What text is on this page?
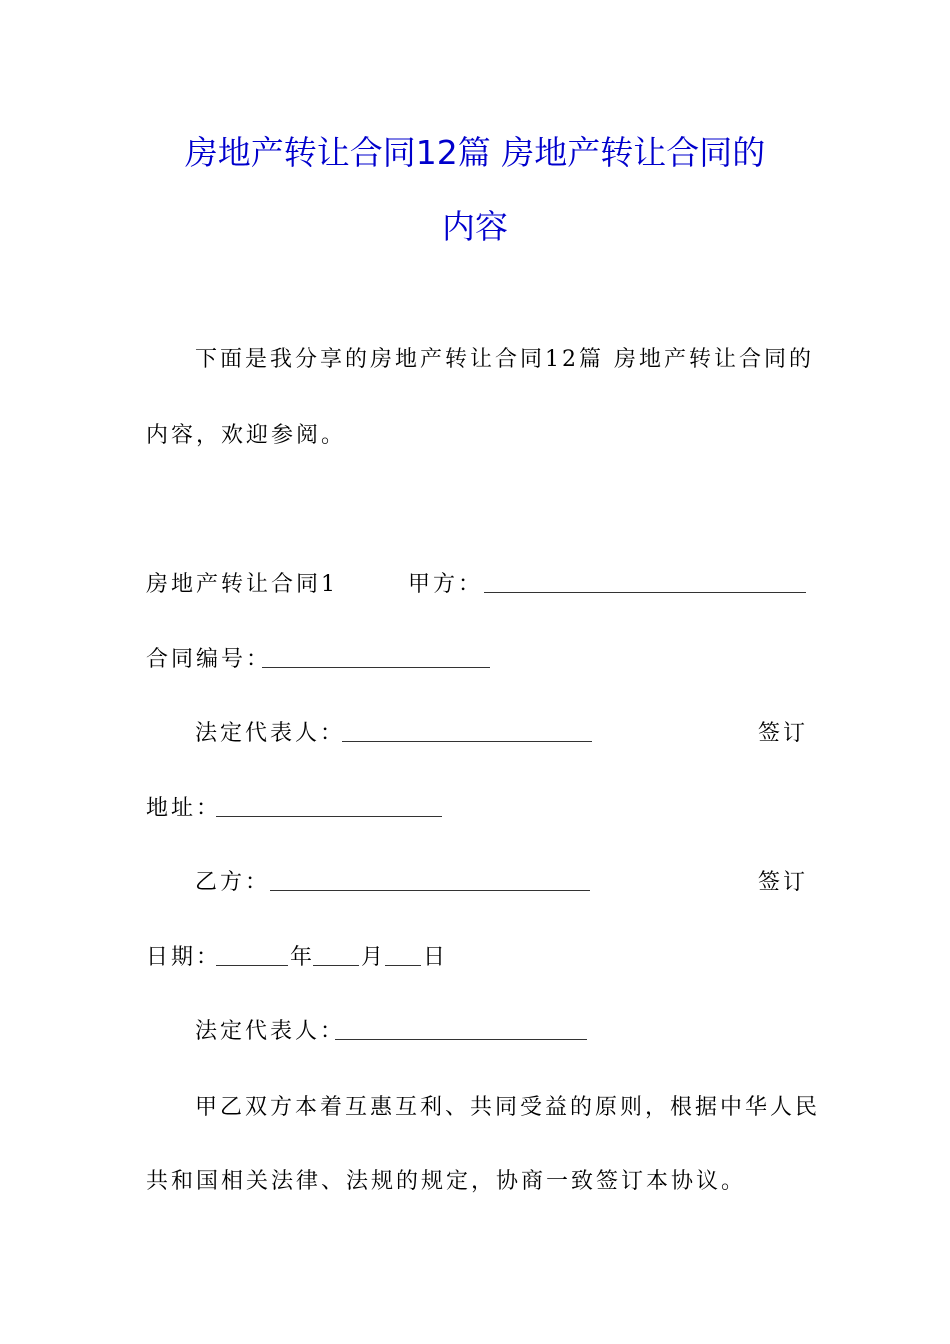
房地产转让合同12篇 房地产转让合同的
内容
下面是我分享的房地产转让合同12篇 房地产转让合同的
内容，欢迎参阅。
房地产转让合同1	甲方：
合同编号：
法定代表人：	签订
地址：
乙方：	签订
日期：	年 月 日
法定代表人：
甲乙双方本着互惠互利、共同受益的原则，根据中华人民
共和国相关法律、法规的规定，协商一致签订本协议。
